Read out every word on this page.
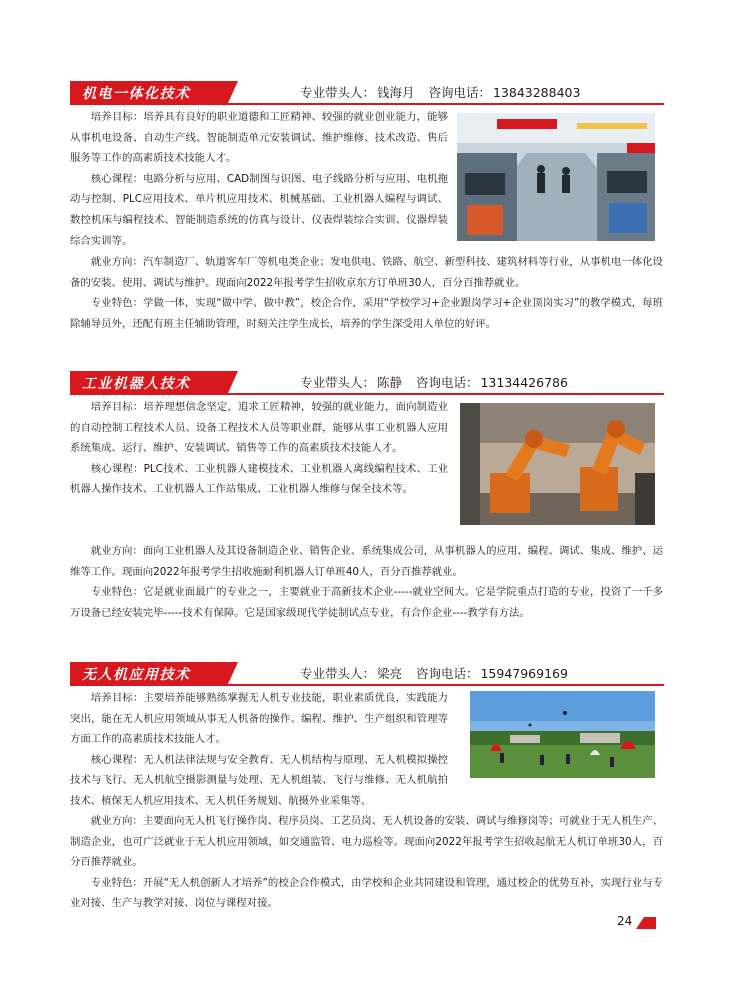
机电一体化技术	专业带头人： 钱海月 咨询电话： 13843288403

培养目标：培养具有良好的职业道德和工匠精神、较强的就业创业能力，能够从事机电设备、自动生产线、智能制造单元安装调试、维护维修、技术改造、售后服务等工作的高素质技术技能人才。

核心课程：电路分析与应用、CAD制图与识图、电子线路分析与应用、电机拖动与控制、PLC应用技术、单片机应用技术、机械基础、工业机器人编程与调试、数控机床与编程技术、智能制造系统的仿真与设计、仪表焊装综合实训、仪器焊装综合实训等。

就业方向：汽车制造厂、轨道客车厂等机电类企业；发电供电、铁路、航空、新型科技、建筑材料等行业，从事机电一体化设备的安装、使用、调试与维护。现面向2022年报考学生招收京东方订单班30人，百分百推荐就业。

专业特色：学做一体，实现“做中学、做中教”，校企合作，采用“学校学习+企业跟岗学习+企业顶岗实习”的教学模式，每班除辅导员外，还配有班主任辅助管理，时刻关注学生成长，培养的学生深受用人单位的好评。

工业机器人技术	专业带头人： 陈静 咨询电话： 13134426786

培养目标：培养理想信念坚定，追求工匠精神，较强的就业能力，面向制造业的自动控制工程技术人员、设备工程技术人员等职业群，能够从事工业机器人应用系统集成、运行、维护、安装调试、销售等工作的高素质技术技能人才。

核心课程：PLC技术、工业机器人建模技术、工业机器人离线编程技术、工业机器人操作技术、工业机器人工作站集成、工业机器人维修与保全技术等。

就业方向：面向工业机器人及其设备制造企业、销售企业、系统集成公司，从事机器人的应用、编程、调试、集成、维护、运维等工作。现面向2022年报考学生招收施耐利机器人订单班40人，百分百推荐就业。

专业特色：它是就业面最广的专业之一，主要就业于高新技术企业-----就业空间大。它是学院重点打造的专业，投资了一千多万设备已经安装完毕-----技术有保障。它是国家级现代学徒制试点专业，有合作企业----教学有方法。

无人机应用技术	专业带头人： 梁亮 咨询电话： 15947969169

培养目标：主要培养能够熟练掌握无人机专业技能，职业素质优良，实践能力突出，能在无人机应用领域从事无人机备的操作、编程、维护、生产组织和管理等方面工作的高素质技术技能人才。

核心课程：无人机法律法规与安全教育、无人机结构与原理、无人机模拟操控技术与飞行、无人机航空摄影测量与处理、无人机组装、飞行与维修、无人机航拍技术、植保无人机应用技术、无人机任务规划、航摄外业采集等。

就业方向：主要面向无人机飞行操作岗、程序员岗、工艺员岗、无人机设备的安装、调试与维修岗等；可就业于无人机生产、制造企业，也可广泛就业于无人机应用领域，如交通监管、电力巡检等。现面向2022年报考学生招收起航无人机订单班30人，百分百推荐就业。

专业特色：开展“无人机创新人才培养”的校企合作模式，由学校和企业共同建设和管理，通过校企的优势互补，实现行业与专业对接、生产与教学对接、岗位与课程对接。

24
